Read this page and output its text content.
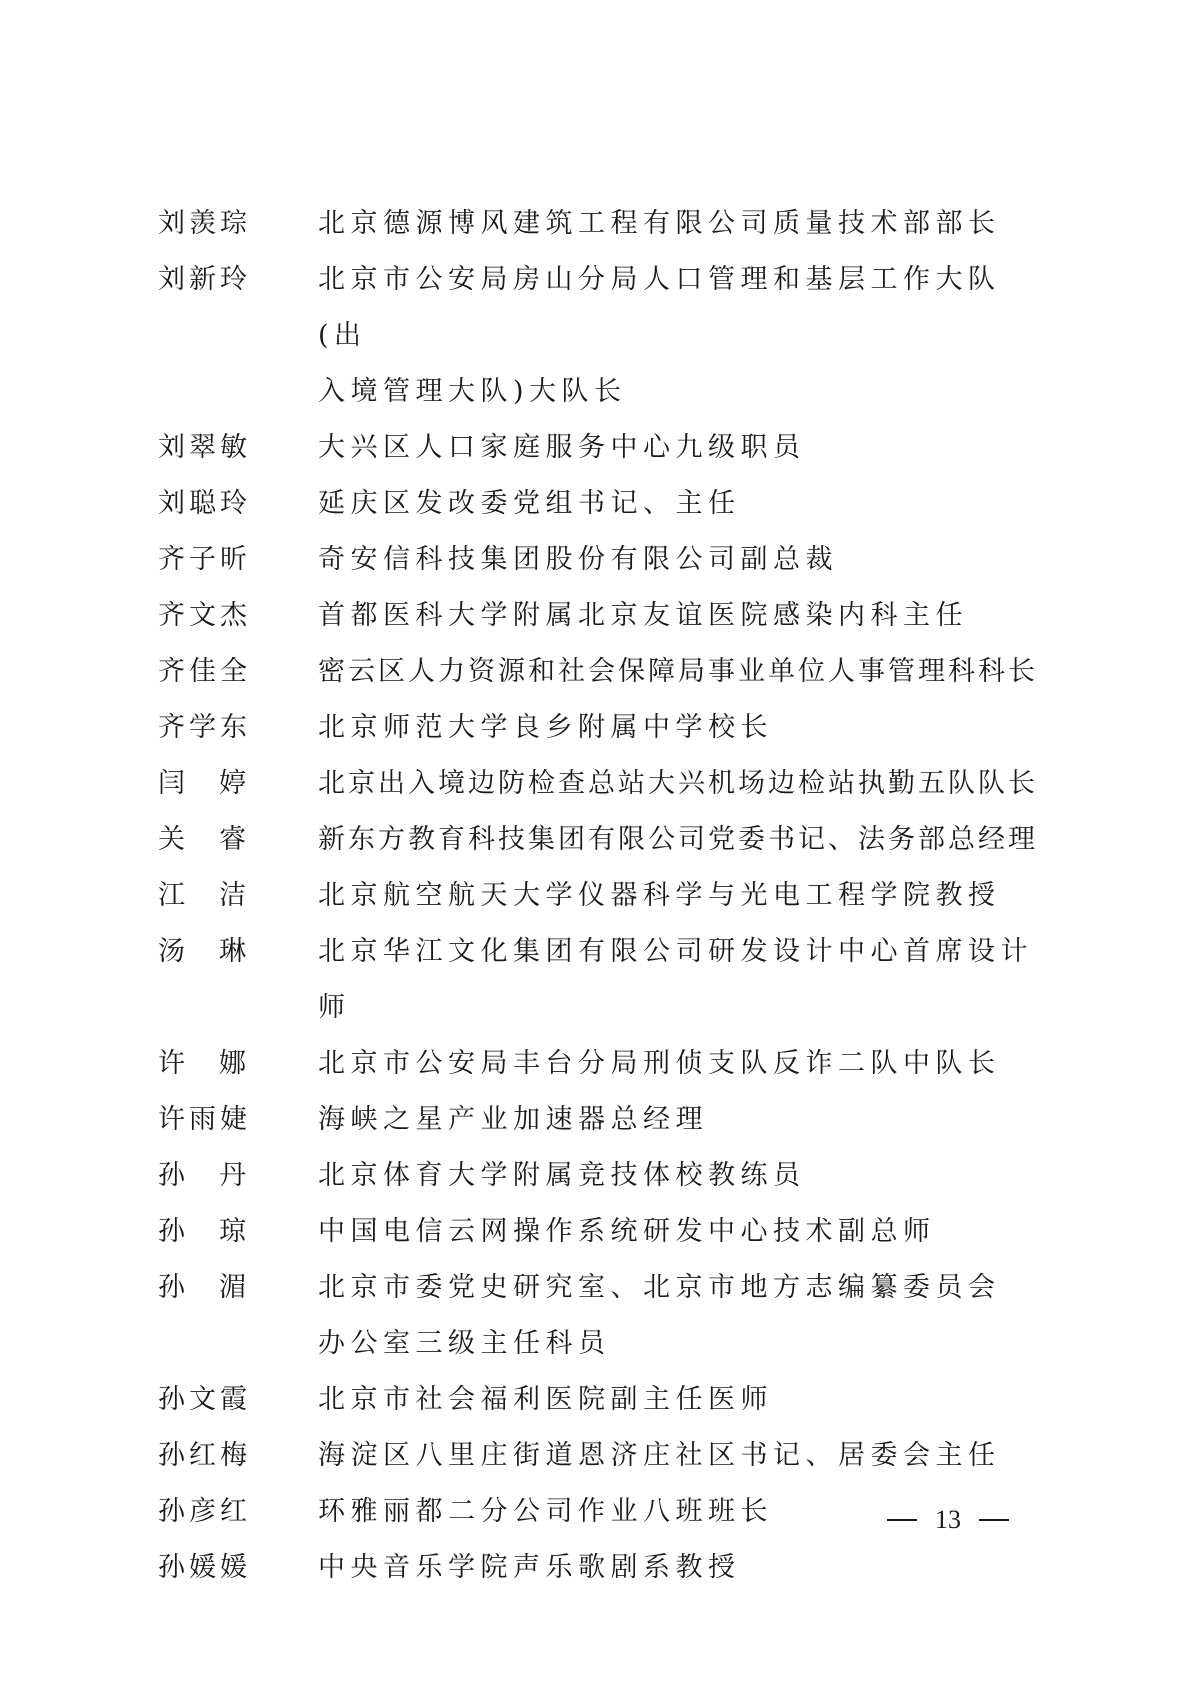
刘羡琮	北京德源博风建筑工程有限公司质量技术部部长
刘新玲	北京市公安局房山分局人口管理和基层工作大队(出
入境管理大队)大队长
刘翠敏	大兴区人口家庭服务中心九级职员
刘聪玲	延庆区发改委党组书记、主任
齐子昕	奇安信科技集团股份有限公司副总裁
齐文杰	首都医科大学附属北京友谊医院感染内科主任
齐佳全	密云区人力资源和社会保障局事业单位人事管理科科长
齐学东	北京师范大学良乡附属中学校长
闫婷	北京出入境边防检查总站大兴机场边检站执勤五队队长
关睿	新东方教育科技集团有限公司党委书记、法务部总经理
江洁	北京航空航天大学仪器科学与光电工程学院教授
汤琳	北京华江文化集团有限公司研发设计中心首席设计师
许娜	北京市公安局丰台分局刑侦支队反诈二队中队长
许雨婕	海峡之星产业加速器总经理
孙丹	北京体育大学附属竞技体校教练员
孙琼	中国电信云网操作系统研发中心技术副总师
孙湄	北京市委党史研究室、北京市地方志编纂委员会
办公室三级主任科员
孙文霞	北京市社会福利医院副主任医师
孙红梅	海淀区八里庄街道恩济庄社区书记、居委会主任
孙彦红	环雅丽都二分公司作业八班班长
孙媛媛	中央音乐学院声乐歌剧系教授
13
